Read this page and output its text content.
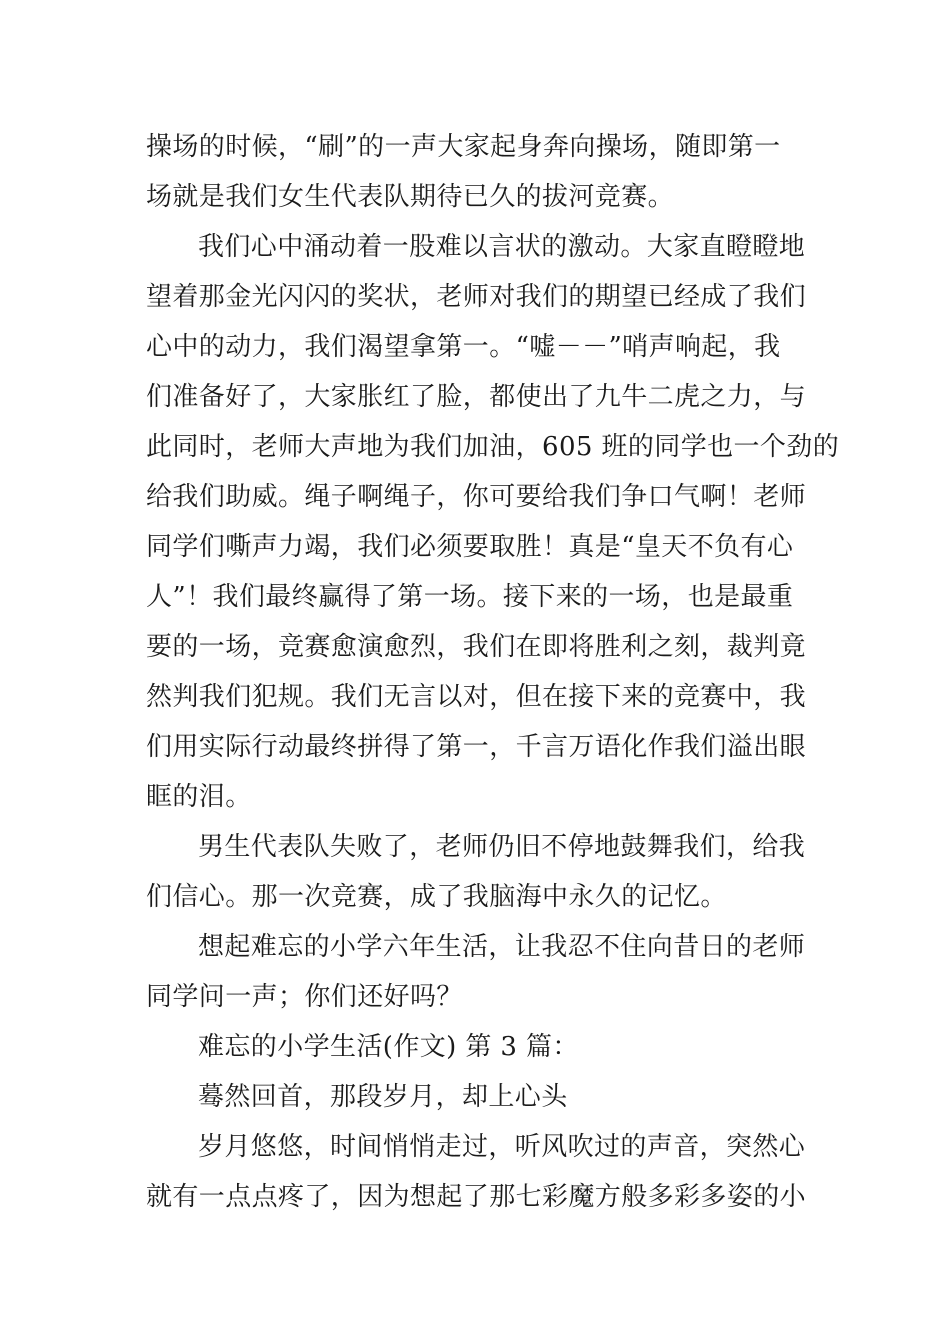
操场的时候，“刷”的一声大家起身奔向操场，随即第一
场就是我们女生代表队期待已久的拔河竞赛。
我们心中涌动着一股难以言状的激动。大家直瞪瞪地
望着那金光闪闪的奖状，老师对我们的期望已经成了我们
心中的动力，我们渴望拿第一。“嘘－－”哨声响起，我
们准备好了，大家胀红了脸，都使出了九牛二虎之力，与
此同时，老师大声地为我们加油，605 班的同学也一个劲的
给我们助威。绳子啊绳子，你可要给我们争口气啊！老师
同学们嘶声力竭，我们必须要取胜！真是“皇天不负有心
人”！我们最终赢得了第一场。接下来的一场，也是最重
要的一场，竞赛愈演愈烈，我们在即将胜利之刻，裁判竟
然判我们犯规。我们无言以对，但在接下来的竞赛中，我
们用实际行动最终拼得了第一，千言万语化作我们溢出眼
眶的泪。
男生代表队失败了，老师仍旧不停地鼓舞我们，给我
们信心。那一次竞赛，成了我脑海中永久的记忆。
想起难忘的小学六年生活，让我忍不住向昔日的老师
同学问一声；你们还好吗？
难忘的小学生活(作文) 第 3 篇：
蓦然回首，那段岁月，却上心头
岁月悠悠，时间悄悄走过，听风吹过的声音，突然心
就有一点点疼了，因为想起了那七彩魔方般多彩多姿的小
